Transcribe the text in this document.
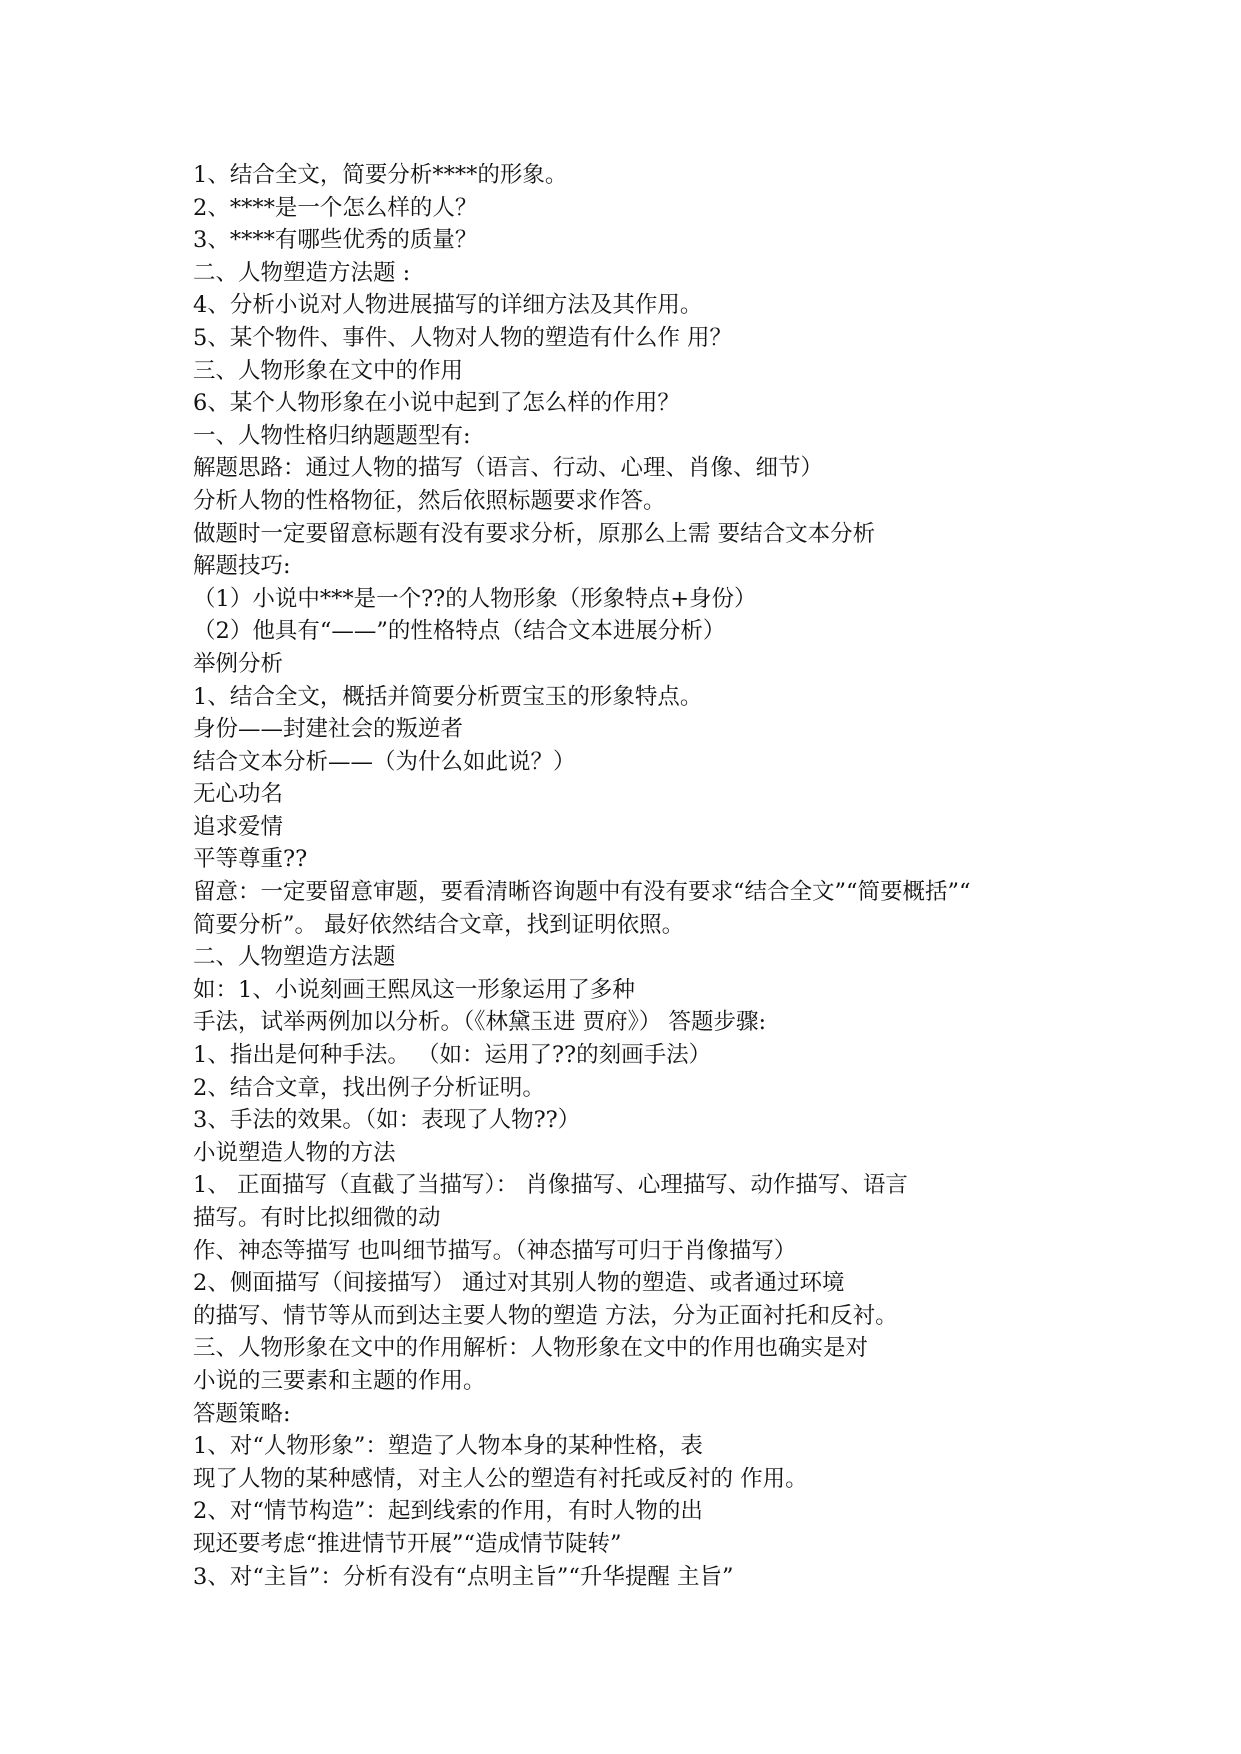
1、结合全文，简要分析****的形象。
2、****是一个怎么样的人？
3、****有哪些优秀的质量？
二、人物塑造方法题 :
4、分析小说对人物进展描写的详细方法及其作用。
5、某个物件、事件、人物对人物的塑造有什么作 用？
三、人物形象在文中的作用
6、某个人物形象在小说中起到了怎么样的作用？
一、人物性格归纳题题型有:
解题思路：通过人物的描写（语言、行动、心理、肖像、细节）
分析人物的性格物征，然后依照标题要求作答。
做题时一定要留意标题有没有要求分析，原那么上需 要结合文本分析
解题技巧:
（1）小说中***是一个??的人物形象（形象特点+身份）
（2）他具有“——”的性格特点（结合文本进展分析）
举例分析
1、结合全文，概括并简要分析贾宝玉的形象特点。
身份——封建社会的叛逆者
结合文本分析——（为什么如此说？）
无心功名
追求爱情
平等尊重??
留意：一定要留意审题，要看清晰咨询题中有没有要求“结合全文”“简要概括”“
简要分析”。 最好依然结合文章，找到证明依照。
二、人物塑造方法题
如：1、小说刻画王熙凤这一形象运用了多种
手法，试举两例加以分析。（《林黛玉进 贾府》） 答题步骤:
1、指出是何种手法。 （如：运用了??的刻画手法）
2、结合文章，找出例子分析证明。
3、手法的效果。（如：表现了人物??）
小说塑造人物的方法
1、 正面描写（直截了当描写）： 肖像描写、心理描写、动作描写、语言
描写。有时比拟细微的动
作、神态等描写 也叫细节描写。（神态描写可归于肖像描写）
2、侧面描写（间接描写） 通过对其别人物的塑造、或者通过环境
的描写、情节等从而到达主要人物的塑造 方法，分为正面衬托和反衬。
三、人物形象在文中的作用解析：人物形象在文中的作用也确实是对
小说的三要素和主题的作用。
答题策略:
1、对“人物形象”：塑造了人物本身的某种性格，表
现了人物的某种感情，对主人公的塑造有衬托或反衬的 作用。
2、对“情节构造”：起到线索的作用，有时人物的出
现还要考虑“推进情节开展”“造成情节陡转”
3、对“主旨”：分析有没有“点明主旨”“升华提醒 主旨”
